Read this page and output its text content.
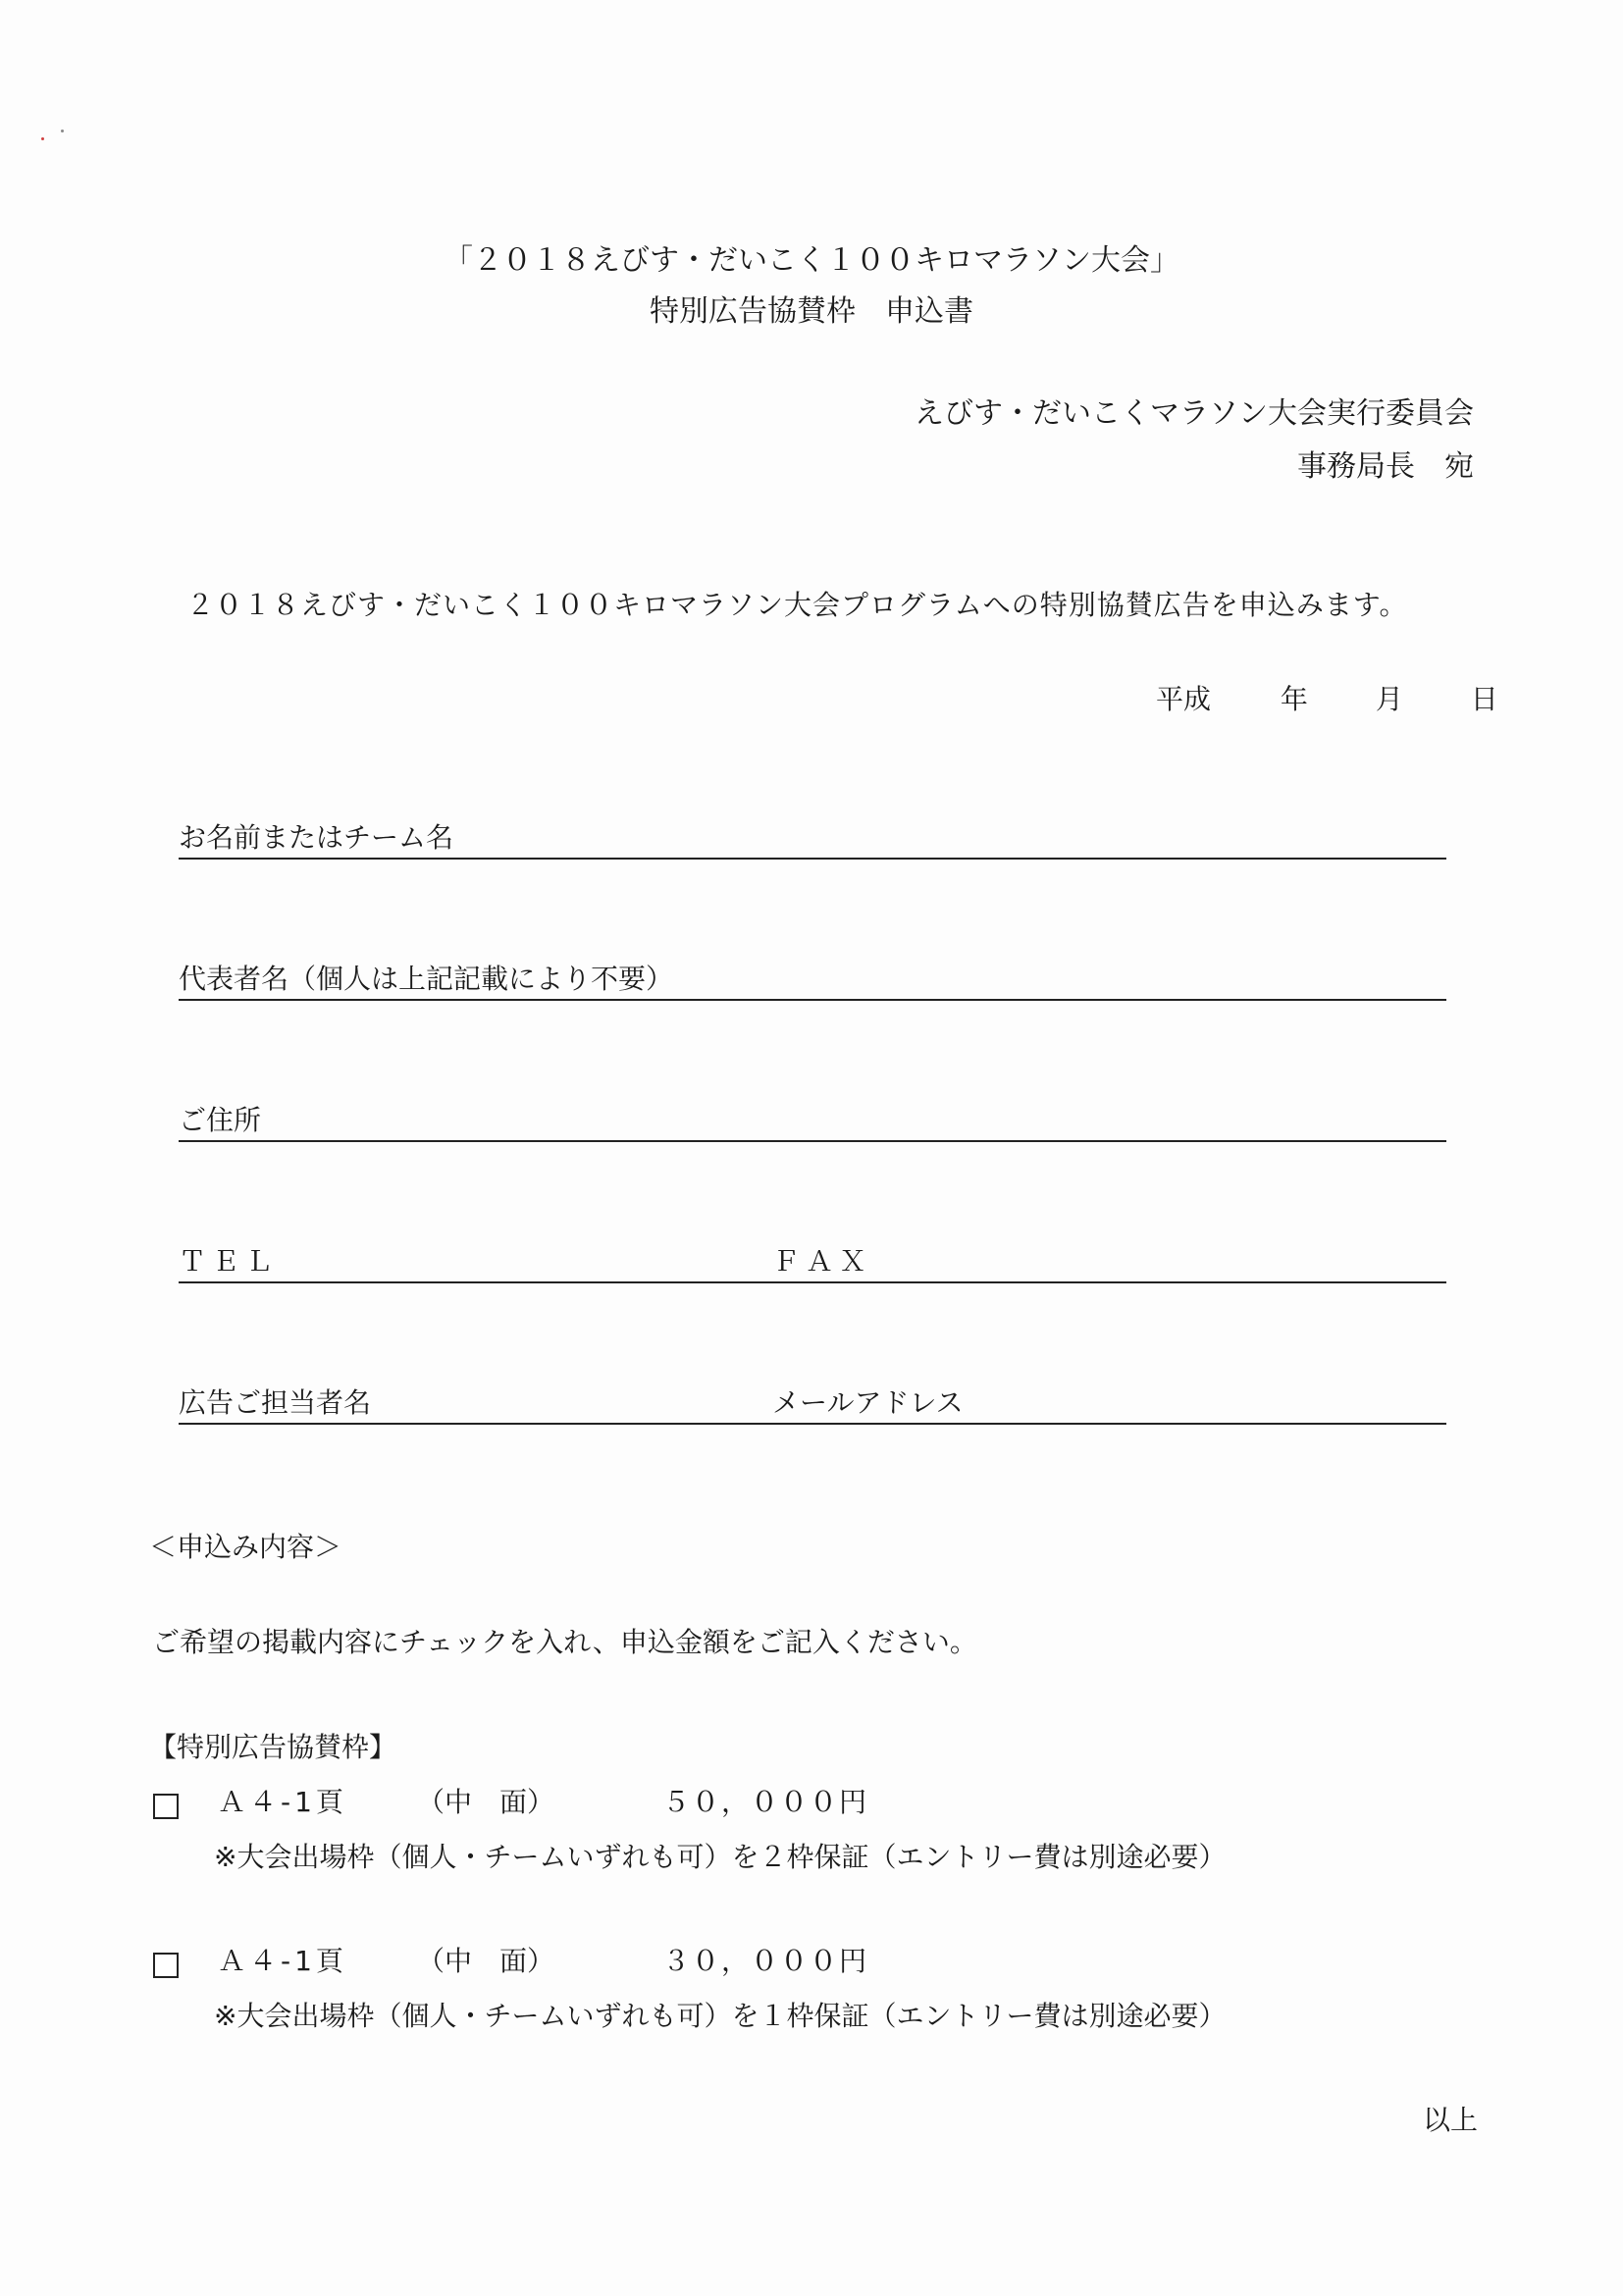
「２０１８えびす・だいこく１００キロマラソン大会」
特別広告協賛枠　申込書
えびす・だいこくマラソン大会実行委員会
事務局長　宛
２０１８えびす・だいこく１００キロマラソン大会プログラムへの特別協賛広告を申込みます。
平成	年 月 日
お名前またはチーム名
代表者名（個人は上記記載により不要）
ご住所
ＴＥＬ	ＦＡＸ
広告ご担当者名	メールアドレス
＜申込み内容＞
ご希望の掲載内容にチェックを入れ、申込金額をご記入ください。
【特別広告協賛枠】
Ａ４-1頁	（中　面）	５０，０００円
※大会出場枠（個人・チームいずれも可）を２枠保証（エントリー費は別途必要）
Ａ４-1頁	（中　面）	３０，０００円
※大会出場枠（個人・チームいずれも可）を１枠保証（エントリー費は別途必要）
以上
